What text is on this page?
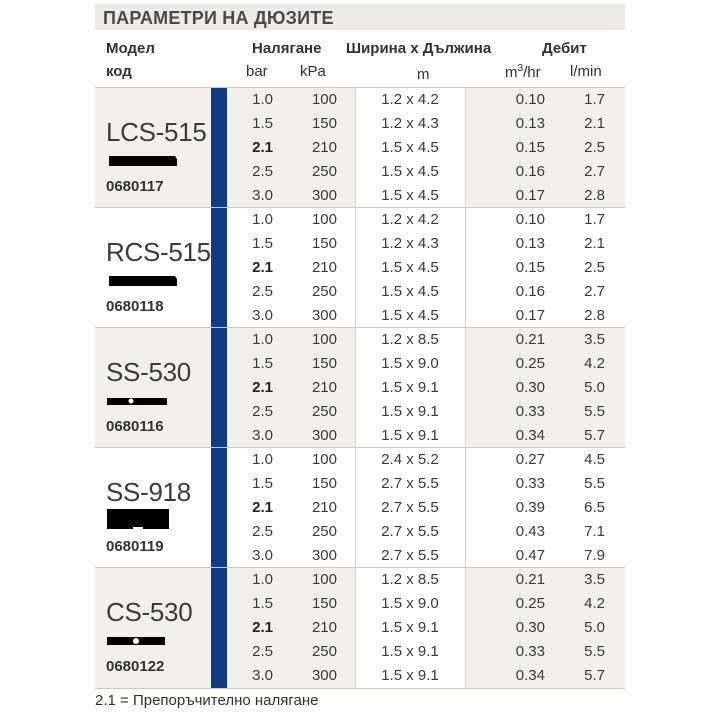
ПАРАМЕТРИ НА ДЮЗИТЕ
Модел
код
Налягане
bar kPa
Ширина х Дължина
m
Дебит
$m^3/hr$ l/min
LCS-515
0680117
1.0	100	1.2 x 4.2	0.10	1.7
1.5	150	1.2 x 4.3	0.13	2.1
2.1	210	1.5 x 4.5	0.15	2.5
2.5	250	1.5 x 4.5	0.16	2.7
3.0	300	1.5 x 4.5	0.17	2.8
RCS-515
0680118
1.0	100	1.2 x 4.2	0.10	1.7
1.5	150	1.2 x 4.3	0.13	2.1
2.1	210	1.5 x 4.5	0.15	2.5
2.5	250	1.5 x 4.5	0.16	2.7
3.0	300	1.5 x 4.5	0.17	2.8
SS-530
0680116
1.0	100	1.2 x 8.5	0.21	3.5
1.5	150	1.5 x 9.0	0.25	4.2
2.1	210	1.5 x 9.1	0.30	5.0
2.5	250	1.5 x 9.1	0.33	5.5
3.0	300	1.5 x 9.1	0.34	5.7
SS-918
0680119
1.0	100	2.4 x 5.2	0.27	4.5
1.5	150	2.7 x 5.5	0.33	5.5
2.1	210	2.7 x 5.5	0.39	6.5
2.5	250	2.7 x 5.5	0.43	7.1
3.0	300	2.7 x 5.5	0.47	7.9
CS-530
0680122
1.0	100	1.2 x 8.5	0.21	3.5
1.5	150	1.5 x 9.0	0.25	4.2
2.1	210	1.5 x 9.1	0.30	5.0
2.5	250	1.5 x 9.1	0.33	5.5
3.0	300	1.5 x 9.1	0.34	5.7
2.1 = Препоръчително налягане
